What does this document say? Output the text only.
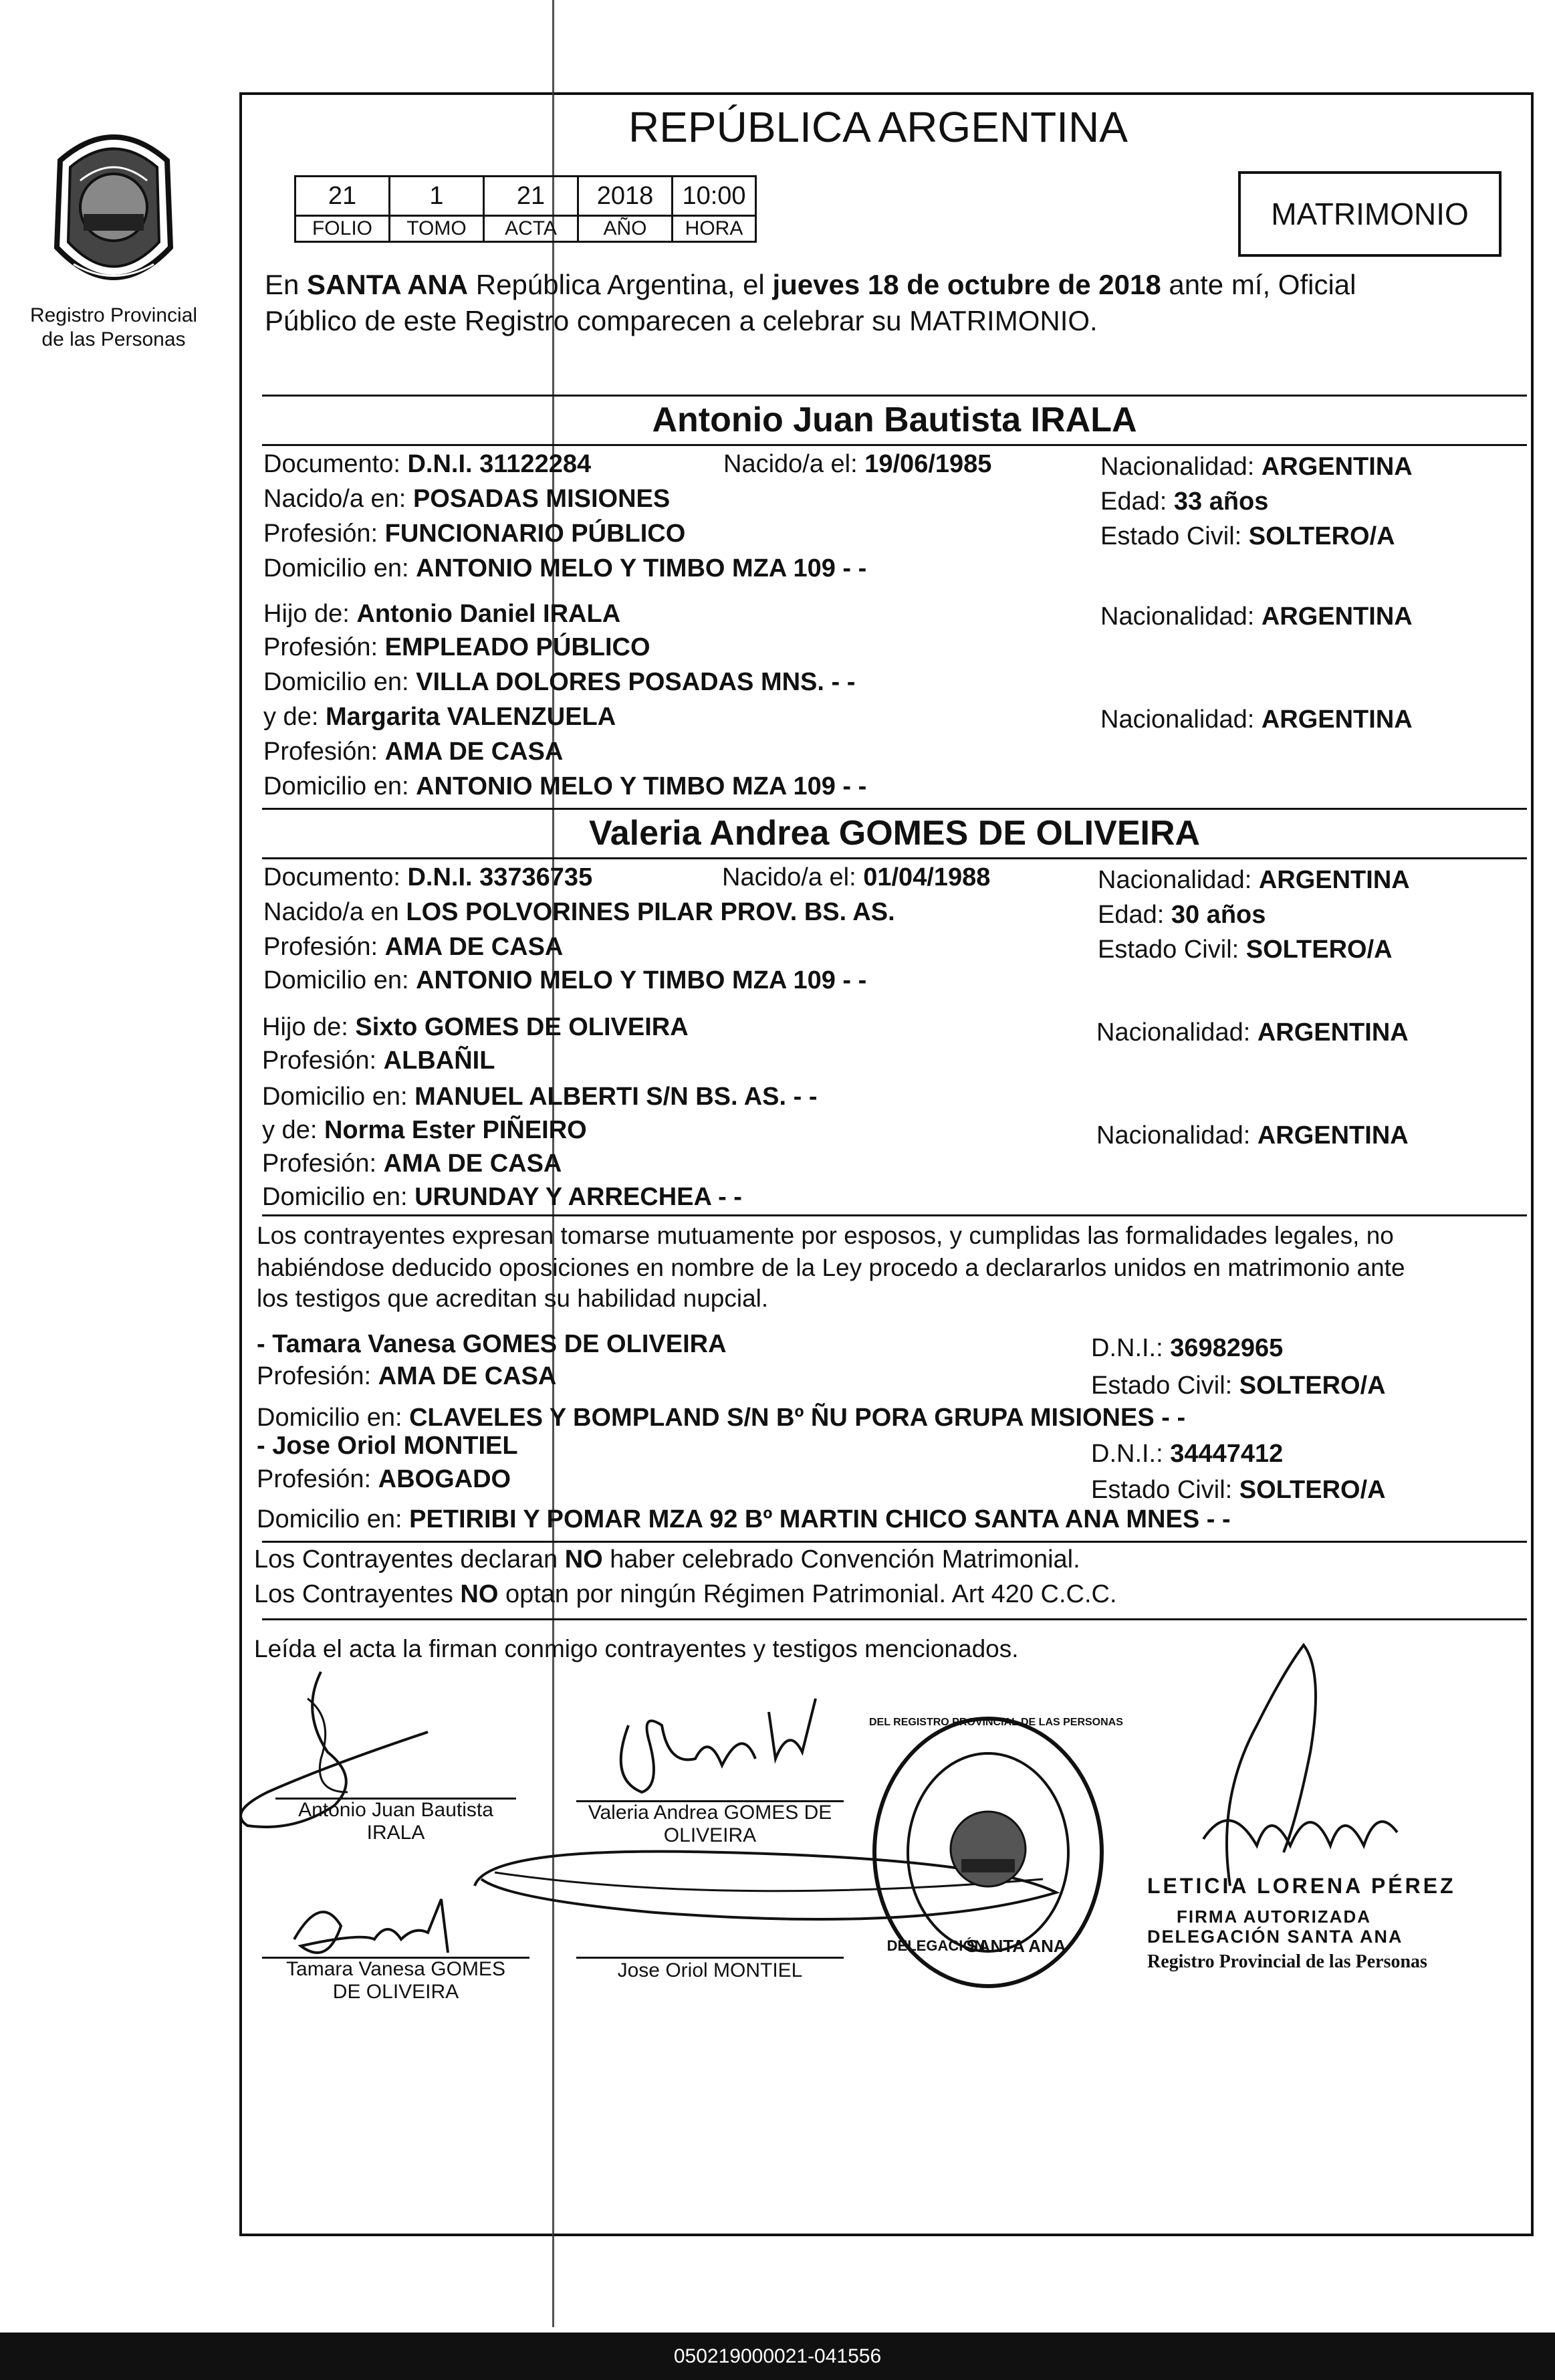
Registro Provincial
de las Personas
REPÚBLICA ARGENTINA
21	1	21	2018	10:00
FOLIO	TOMO	ACTA	AÑO	HORA	MATRIMONIO
En SANTA ANA República Argentina, el jueves 18 de octubre de 2018 ante mí, Oficial
Público de este Registro comparecen a celebrar su MATRIMONIO.
Antonio Juan Bautista IRALA
Documento: D.N.I. 31122284	Nacido/a el: 19/06/1985	Nacionalidad: ARGENTINA
Nacido/a en: POSADAS MISIONES	Edad: 33 años
Profesión: FUNCIONARIO PÚBLICO	Estado Civil: SOLTERO/A
Domicilio en: ANTONIO MELO Y TIMBO MZA 109 - -
Hijo de: Antonio Daniel IRALA	Nacionalidad: ARGENTINA
Profesión: EMPLEADO PÚBLICO
Domicilio en: VILLA DOLORES POSADAS MNS. - -
y de: Margarita VALENZUELA	Nacionalidad: ARGENTINA
Profesión: AMA DE CASA
Domicilio en: ANTONIO MELO Y TIMBO MZA 109 - -
Valeria Andrea GOMES DE OLIVEIRA
Documento: D.N.I. 33736735	Nacido/a el: 01/04/1988	Nacionalidad: ARGENTINA
Nacido/a en LOS POLVORINES PILAR PROV. BS. AS.	Edad: 30 años
Profesión: AMA DE CASA	Estado Civil: SOLTERO/A
Domicilio en: ANTONIO MELO Y TIMBO MZA 109 - -
Hijo de: Sixto GOMES DE OLIVEIRA	Nacionalidad: ARGENTINA
Profesión: ALBAÑIL
Domicilio en: MANUEL ALBERTI S/N BS. AS. - -
y de: Norma Ester PIÑEIRO	Nacionalidad: ARGENTINA
Profesión: AMA DE CASA
Domicilio en: URUNDAY Y ARRECHEA - -
Los contrayentes expresan tomarse mutuamente por esposos, y cumplidas las formalidades legales, no
habiéndose deducido oposiciones en nombre de la Ley procedo a declararlos unidos en matrimonio ante
los testigos que acreditan su habilidad nupcial.
- Tamara Vanesa GOMES DE OLIVEIRA	D.N.I.: 36982965
Profesión: AMA DE CASA	Estado Civil: SOLTERO/A
Domicilio en: CLAVELES Y BOMPLAND S/N Bº ÑU PORA GRUPA MISIONES - -
- Jose Oriol MONTIEL	D.N.I.: 34447412
Profesión: ABOGADO	Estado Civil: SOLTERO/A
Domicilio en: PETIRIBI Y POMAR MZA 92 Bº MARTIN CHICO SANTA ANA MNES - -
Los Contrayentes declaran NO haber celebrado Convención Matrimonial.
Los Contrayentes NO optan por ningún Régimen Patrimonial. Art 420 C.C.C.
Leída el acta la firman conmigo contrayentes y testigos mencionados.
Antonio Juan Bautista
IRALA
Valeria Andrea GOMES DE
OLIVEIRA
Tamara Vanesa GOMES
DE OLIVEIRA
Jose Oriol MONTIEL
DEL REGISTRO PROVINCIAL DE LAS PERSONAS
DELEGACIÓN
SANTA ANA
LETICIA LORENA PÉREZ
FIRMA AUTORIZADA
DELEGACIÓN SANTA ANA
Registro Provincial de las Personas
050219000021-041556
